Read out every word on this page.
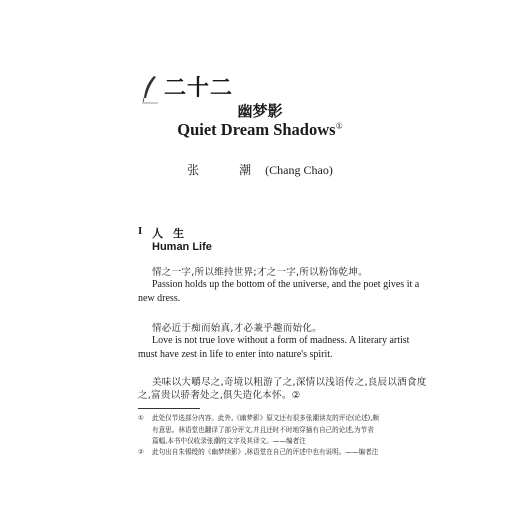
二十二
幽梦影
Quiet Dream Shadows①
张　潮(Chang Chao)
I 人生
Human Life
情之一字,所以维持世界;才之一字,所以粉饰乾坤。
Passion holds up the bottom of the universe, and the poet gives it a
new dress.
情必近于痴而始真,才必兼乎趣而始化。
Love is not true love without a form of madness. A literary artist
must have zest in life to enter into nature's spirit.
美味以大嚼尽之,奇境以粗游了之,深情以浅语传之,良辰以酒食度
之,富贵以骄奢处之,俱失造化本怀。②
① 此处仅节选部分内容。此外,《幽梦影》原文还有很多张潮读友的评论(论述),颇
有意思。林语堂也翻译了部分评文,并且还时不时地穿插有自己的论述,为节省
篇幅,本书中仅收录张潮的文字及其译文。——编者注
② 此句出自朱锡绶的《幽梦续影》,林语堂在自己的评述中也有说明。——编者注
